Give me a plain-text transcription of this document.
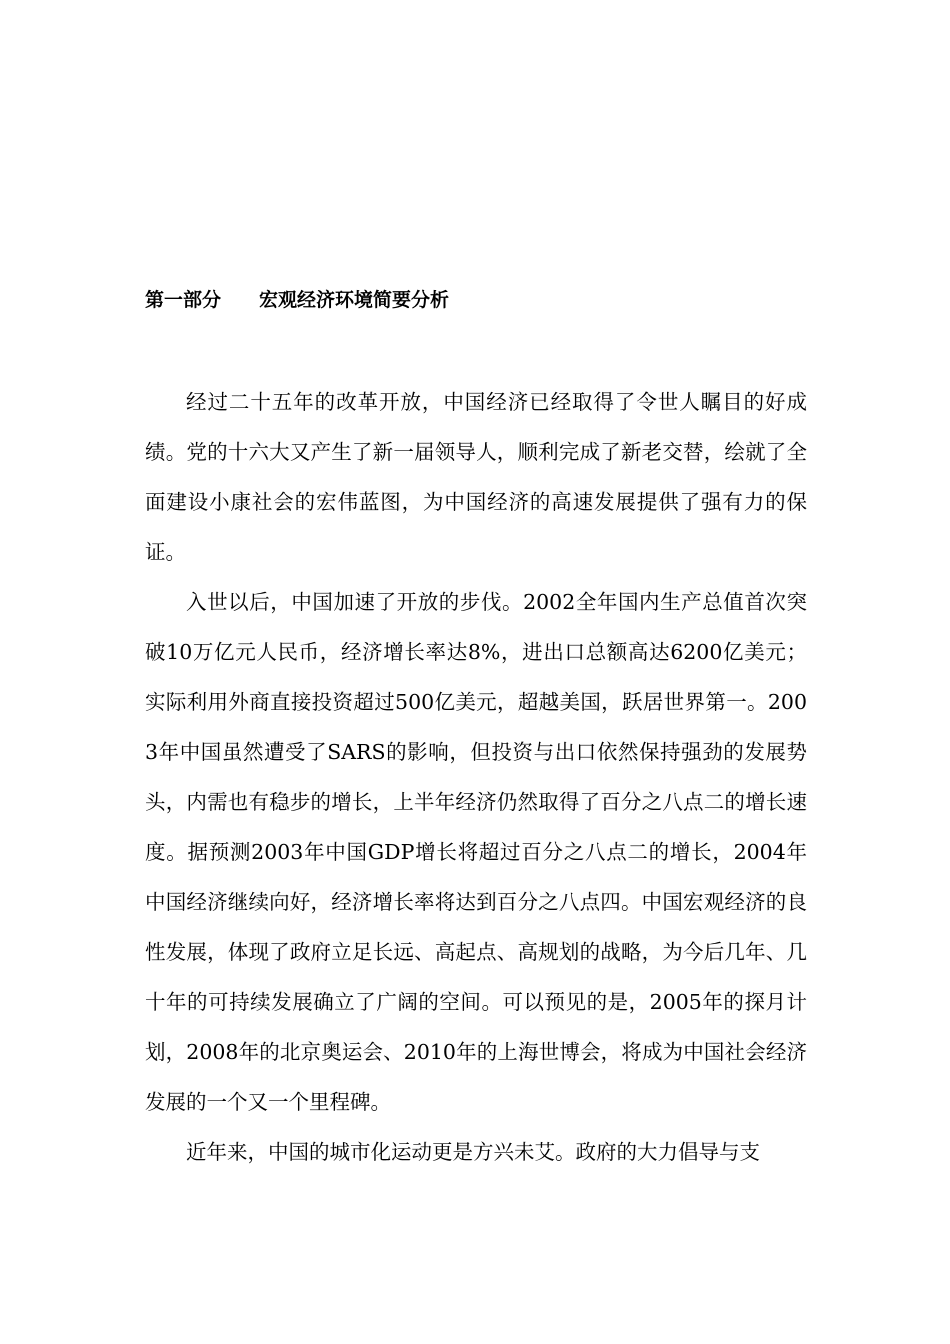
第一部分 宏观经济环境简要分析

经过二十五年的改革开放，中国经济已经取得了令世人瞩目的好成绩。党的十六大又产生了新一届领导人，顺利完成了新老交替，绘就了全面建设小康社会的宏伟蓝图，为中国经济的高速发展提供了强有力的保证。

入世以后，中国加速了开放的步伐。2002全年国内生产总值首次突破10万亿元人民币，经济增长率达8%，进出口总额高达6200亿美元；实际利用外商直接投资超过500亿美元，超越美国，跃居世界第一。2003年中国虽然遭受了SARS的影响，但投资与出口依然保持强劲的发展势头，内需也有稳步的增长，上半年经济仍然取得了百分之八点二的增长速度。据预测2003年中国GDP增长将超过百分之八点二的增长，2004年中国经济继续向好，经济增长率将达到百分之八点四。中国宏观经济的良性发展，体现了政府立足长远、高起点、高规划的战略，为今后几年、几十年的可持续发展确立了广阔的空间。可以预见的是，2005年的探月计划，2008年的北京奥运会、2010年的上海世博会，将成为中国社会经济发展的一个又一个里程碑。

近年来，中国的城市化运动更是方兴未艾。政府的大力倡导与支
